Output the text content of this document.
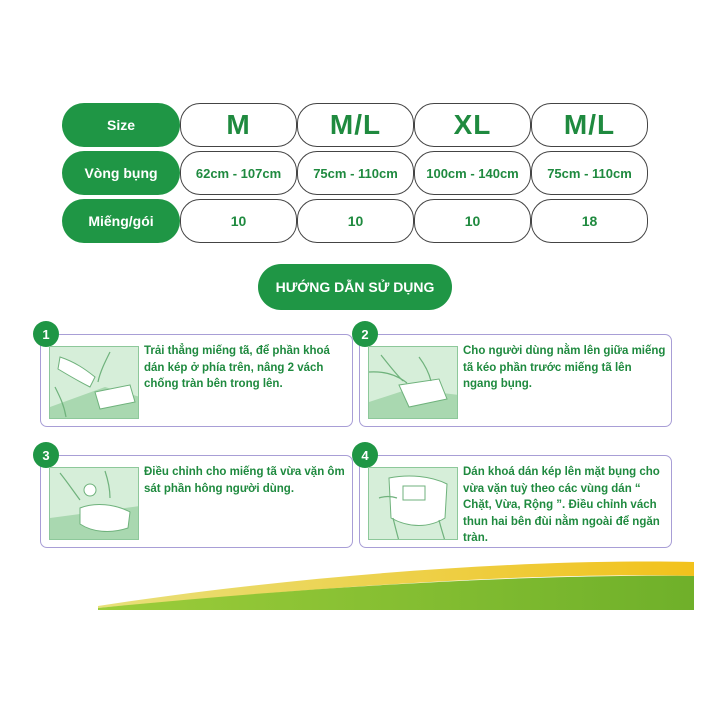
Size	M	M/L	XL	M/L
Vòng bụng	62cm - 107cm	75cm - 110cm	100cm - 140cm	75cm - 110cm
Miếng/gói	10	10	10	18
HƯỚNG DẪN SỬ DỤNG
1
Trải thẳng miếng tã, để phần khoá dán kép ở phía trên, nâng 2 vách chống tràn bên trong lên.
2
Cho người dùng nằm lên giữa miếng tã kéo phần trước miếng tã lên ngang bụng.
3
Điều chỉnh cho miếng tã vừa vặn ôm sát phần hông người dùng.
4
Dán khoá dán kép lên mặt bụng cho vừa vặn tuỳ theo các vùng dán “ Chặt, Vừa, Rộng ”. Điều chỉnh vách thun hai bên đùi nằm ngoài để ngăn tràn.
